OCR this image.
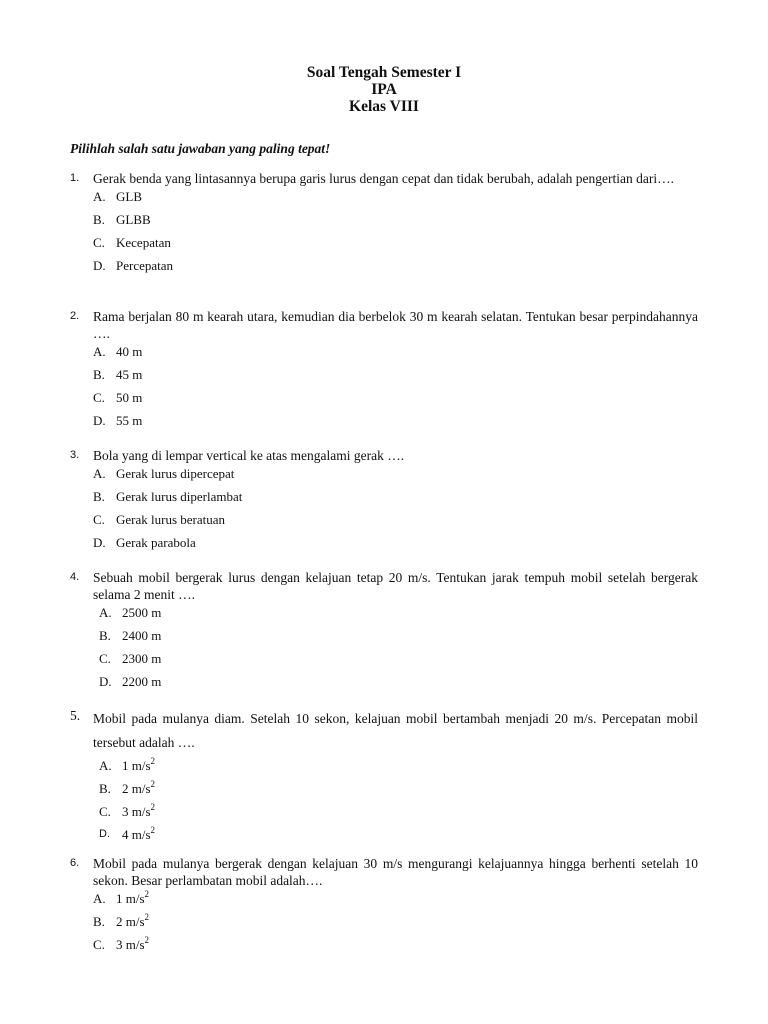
Soal Tengah Semester I
IPA
Kelas VIII
Pilihlah salah satu jawaban yang paling tepat!
1. Gerak benda yang lintasannya berupa garis lurus dengan cepat dan tidak berubah, adalah pengertian dari….
A. GLB
B. GLBB
C. Kecepatan
D. Percepatan
2. Rama berjalan 80 m kearah utara, kemudian dia berbelok 30 m kearah selatan. Tentukan besar perpindahannya ….
A. 40 m
B. 45 m
C. 50 m
D. 55 m
3. Bola yang di lempar vertical ke atas mengalami gerak ….
A. Gerak lurus dipercepat
B. Gerak lurus diperlambat
C. Gerak lurus beratuan
D. Gerak parabola
4. Sebuah mobil bergerak lurus dengan kelajuan tetap 20 m/s. Tentukan jarak tempuh mobil setelah bergerak selama 2 menit ….
A. 2500 m
B. 2400 m
C. 2300 m
D. 2200 m
5. Mobil pada mulanya diam. Setelah 10 sekon, kelajuan mobil bertambah menjadi 20 m/s. Percepatan mobil tersebut adalah ….
A. 1 $m/s^2$
B. 2 $m/s^2$
C. 3 $m/s^2$
D. 4 $m/s^2$
6. Mobil pada mulanya bergerak dengan kelajuan 30 m/s mengurangi kelajuannya hingga berhenti setelah 10 sekon. Besar perlambatan mobil adalah….
A. 1 $m/s^2$
B. 2 $m/s^2$
C. 3 $m/s^2$
